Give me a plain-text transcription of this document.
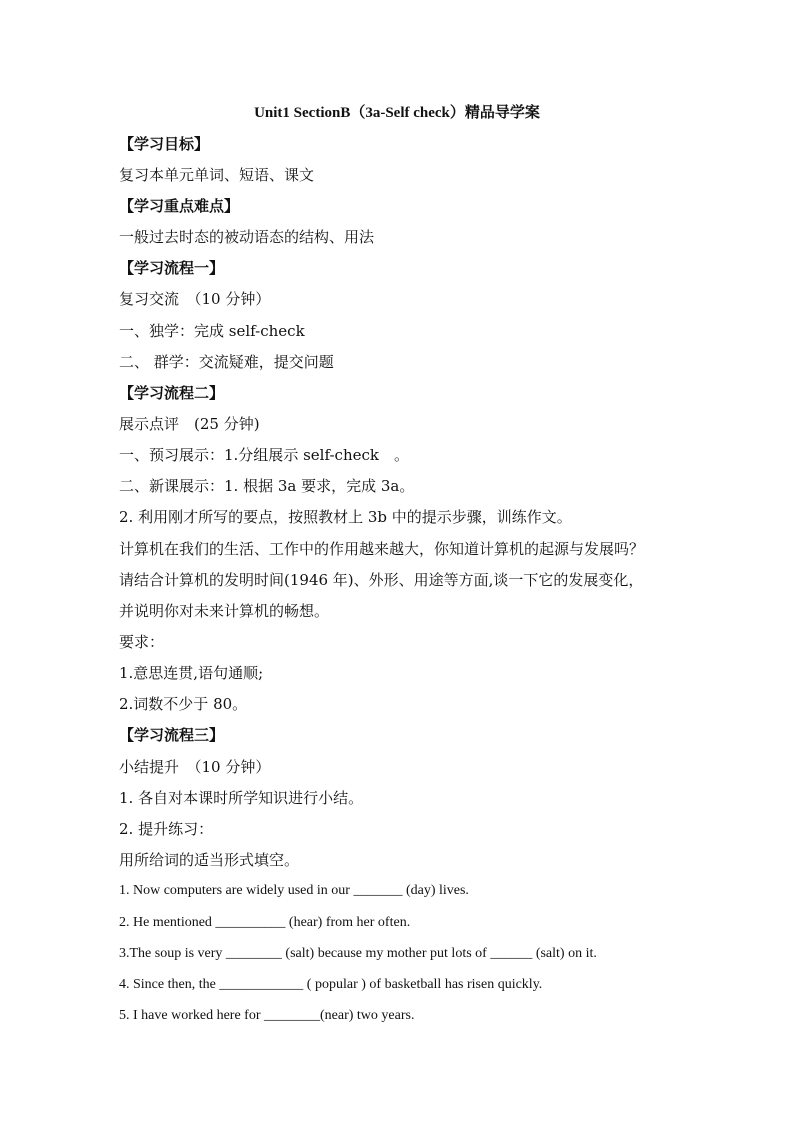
Unit1 SectionB（3a-Self check）精品导学案
【学习目标】
复习本单元单词、短语、课文
【学习重点难点】
一般过去时态的被动语态的结构、用法
【学习流程一】
复习交流　（10 分钟）
一、独学：完成 self-check
二、 群学：交流疑难，提交问题
【学习流程二】
展示点评　(25 分钟)
一、预习展示：1.分组展示 self-check　。
二、新课展示：1. 根据 3a 要求，完成 3a。
2. 利用刚才所写的要点，按照教材上 3b 中的提示步骤，训练作文。
计算机在我们的生活、工作中的作用越来越大，你知道计算机的起源与发展吗？
请结合计算机的发明时间(1946 年)、外形、用途等方面,谈一下它的发展变化，
并说明你对未来计算机的畅想。
要求：
1.意思连贯,语句通顺;
2.词数不少于 80。
【学习流程三】
小结提升　（10 分钟）
1. 各自对本课时所学知识进行小结。
2. 提升练习：
用所给词的适当形式填空。
1. Now computers are widely used in our _______ (day) lives.
2. He mentioned __________ (hear) from her often.
3.The soup is very ________ (salt) because my mother put lots of ______ (salt) on it.
4. Since then, the ____________ ( popular ) of basketball has risen quickly.
5. I have worked here for ________(near) two years.
